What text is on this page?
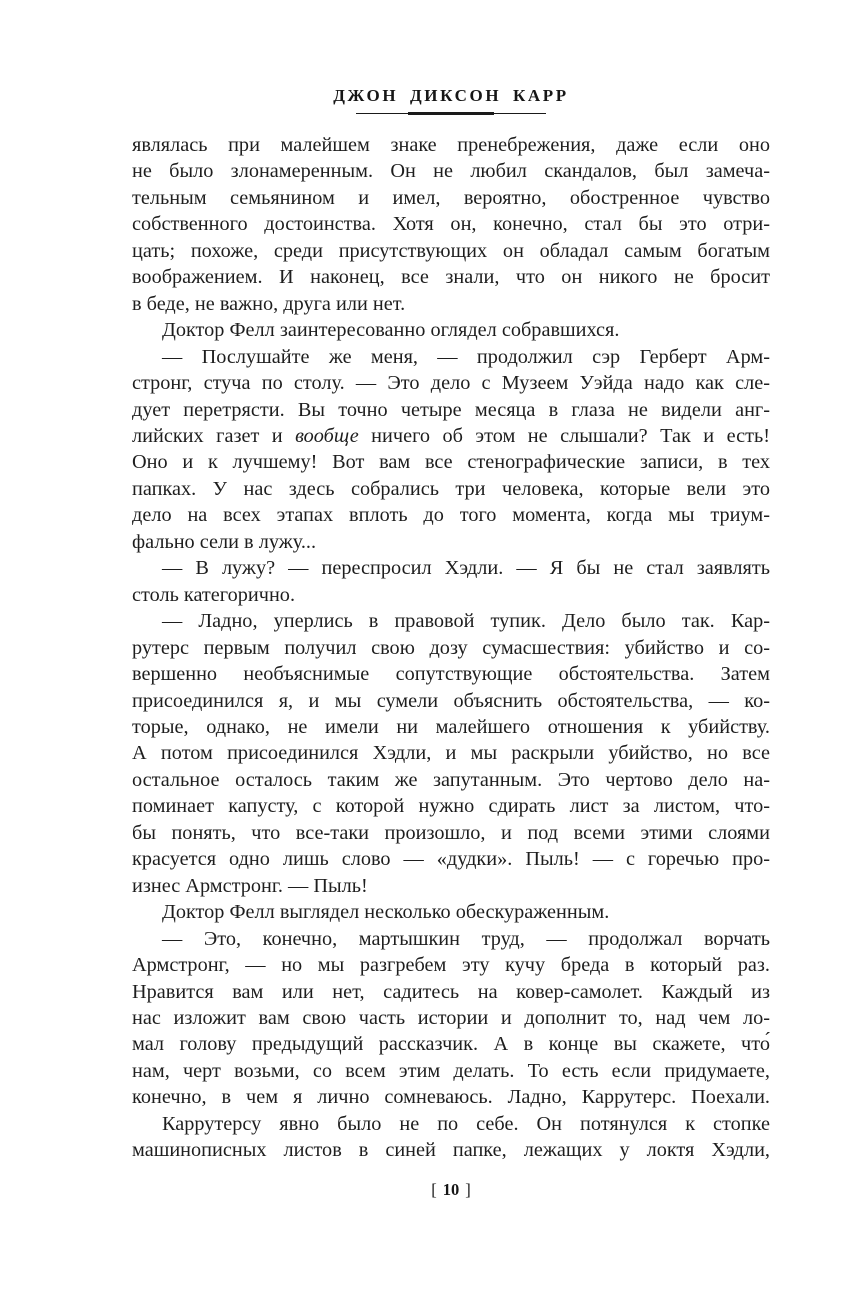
ДЖОН ДИКСОН КАРР
являлась при малейшем знаке пренебрежения, даже если оно
не было злонамеренным. Он не любил скандалов, был замеча-
тельным семьянином и имел, вероятно, обостренное чувство
собственного достоинства. Хотя он, конечно, стал бы это отри-
цать; похоже, среди присутствующих он обладал самым богатым
воображением. И наконец, все знали, что он никого не бросит
в беде, не важно, друга или нет.
Доктор Фелл заинтересованно оглядел собравшихся.
— Послушайте же меня, — продолжил сэр Герберт Арм-
стронг, стуча по столу. — Это дело с Музеем Уэйда надо как сле-
дует перетрясти. Вы точно четыре месяца в глаза не видели анг-
лийских газет и вообще ничего об этом не слышали? Так и есть!
Оно и к лучшему! Вот вам все стенографические записи, в тех
папках. У нас здесь собрались три человека, которые вели это
дело на всех этапах вплоть до того момента, когда мы триум-
фально сели в лужу...
— В лужу? — переспросил Хэдли. — Я бы не стал заявлять
столь категорично.
— Ладно, уперлись в правовой тупик. Дело было так. Кар-
рутерс первым получил свою дозу сумасшествия: убийство и со-
вершенно необъяснимые сопутствующие обстоятельства. Затем
присоединился я, и мы сумели объяснить обстоятельства, — ко-
торые, однако, не имели ни малейшего отношения к убийству.
А потом присоединился Хэдли, и мы раскрыли убийство, но все
остальное осталось таким же запутанным. Это чертово дело на-
поминает капусту, с которой нужно сдирать лист за листом, что-
бы понять, что все-таки произошло, и под всеми этими слоями
красуется одно лишь слово — «дудки». Пыль! — с горечью про-
изнес Армстронг. — Пыль!
Доктор Фелл выглядел несколько обескураженным.
— Это, конечно, мартышкин труд, — продолжал ворчать
Армстронг, — но мы разгребем эту кучу бреда в который раз.
Нравится вам или нет, садитесь на ковер-самолет. Каждый из
нас изложит вам свою часть истории и дополнит то, над чем ло-
мал голову предыдущий рассказчик. А в конце вы скажете, что́
нам, черт возьми, со всем этим делать. То есть если придумаете,
конечно, в чем я лично сомневаюсь. Ладно, Каррутерс. Поехали.
Каррутерсу явно было не по себе. Он потянулся к стопке
машинописных листов в синей папке, лежащих у локтя Хэдли,
[ 10 ]
